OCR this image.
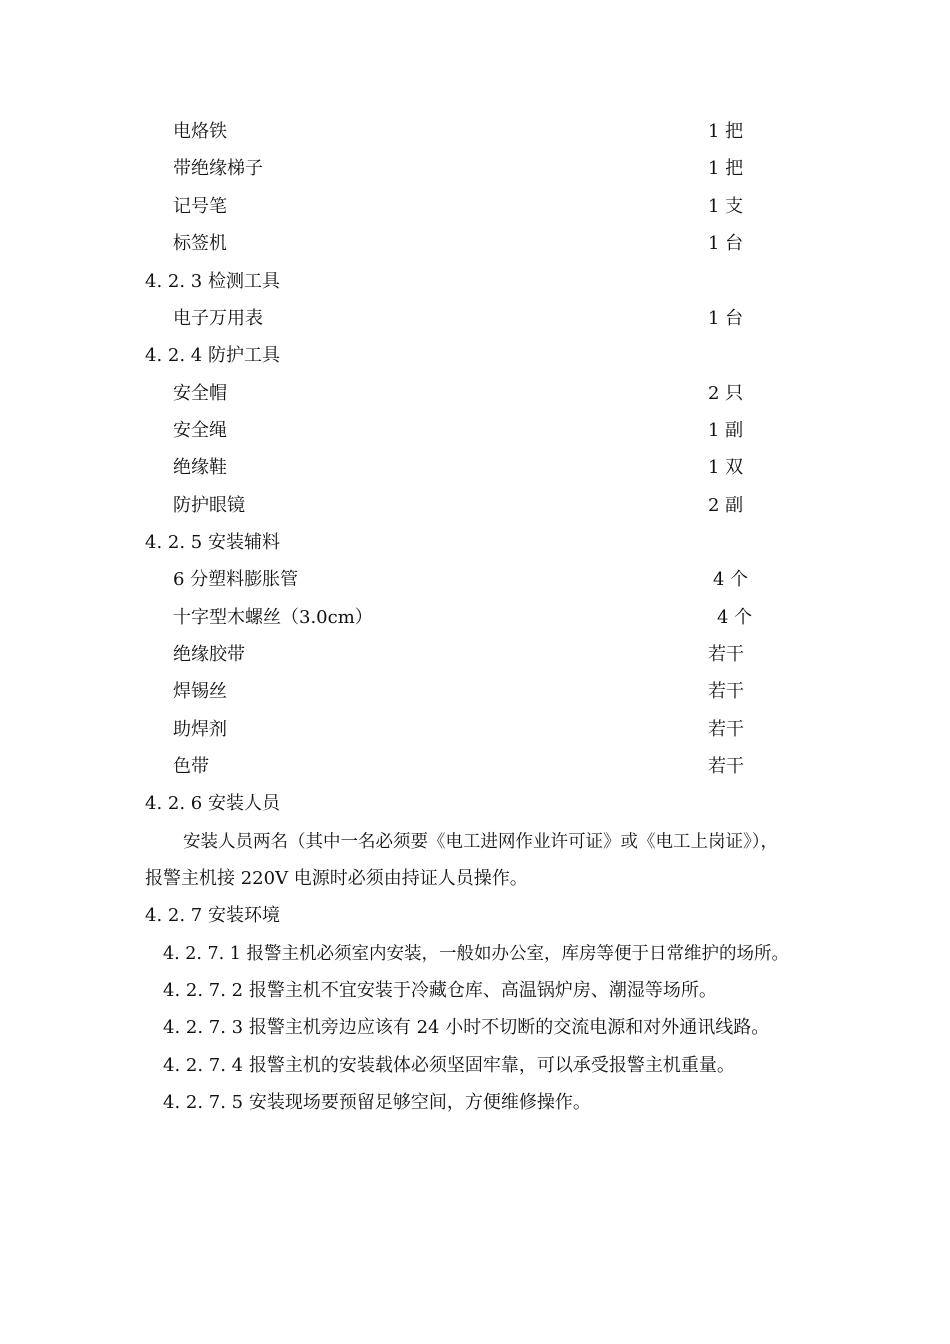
电烙铁	1 把
带绝缘梯子	1 把
记号笔	1 支
标签机	1 台
4. 2. 3 检测工具
电子万用表	1 台
4. 2. 4 防护工具
安全帽	2 只
安全绳	1 副
绝缘鞋	1 双
防护眼镜	2 副
4. 2. 5 安装辅料
6 分塑料膨胀管	4 个
十字型木螺丝（3.0cm）	4 个
绝缘胶带	若干
焊锡丝	若干
助焊剂	若干
色带	若干
4. 2. 6 安装人员
安装人员两名（其中一名必须要《电工进网作业许可证》或《电工上岗证》），
报警主机接 220V 电源时必须由持证人员操作。
4. 2. 7 安装环境
4. 2. 7. 1 报警主机必须室内安装，一般如办公室，库房等便于日常维护的场所。
4. 2. 7. 2 报警主机不宜安装于冷藏仓库、高温锅炉房、潮湿等场所。
4. 2. 7. 3 报警主机旁边应该有 24 小时不切断的交流电源和对外通讯线路。
4. 2. 7. 4 报警主机的安装载体必须坚固牢靠，可以承受报警主机重量。
4. 2. 7. 5 安装现场要预留足够空间，方便维修操作。
